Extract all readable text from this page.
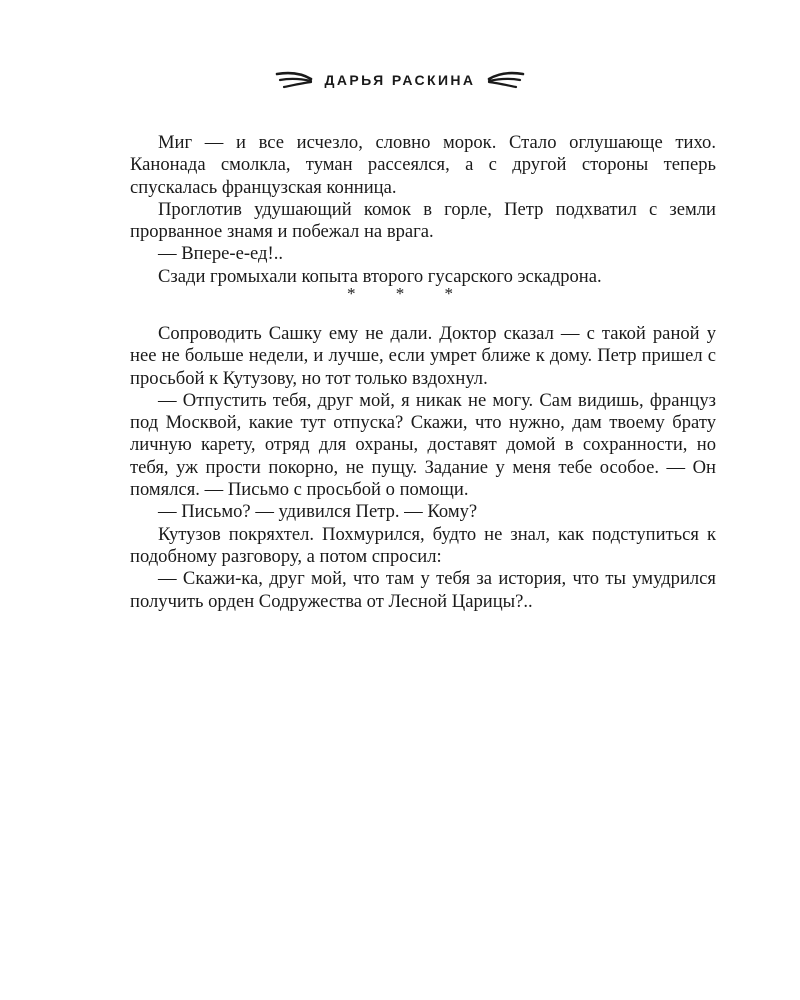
ДАРЬЯ РАСКИНА

Миг — и все исчезло, словно морок. Стало оглушающе тихо. Канонада смолкла, туман рассеялся, а с другой стороны теперь спускалась французская конница.

Проглотив удушающий комок в горле, Петр подхватил с земли прорванное знамя и побежал на врага.

— Впере-е-ед!..

Сзади громыхали копыта второго гусарского эскадрона.

* * *

Сопроводить Сашку ему не дали. Доктор сказал — с такой раной у нее не больше недели, и лучше, если умрет ближе к дому. Петр пришел с просьбой к Кутузову, но тот только вздохнул.

— Отпустить тебя, друг мой, я никак не могу. Сам видишь, француз под Москвой, какие тут отпуска? Скажи, что нужно, дам твоему брату личную карету, отряд для охраны, доставят домой в сохранности, но тебя, уж прости покорно, не пущу. Задание у меня тебе особое. — Он помялся. — Письмо с просьбой о помощи.

— Письмо? — удивился Петр. — Кому?

Кутузов покряхтел. Похмурился, будто не знал, как подступиться к подобному разговору, а потом спросил:

— Скажи-ка, друг мой, что там у тебя за история, что ты умудрился получить орден Содружества от Лесной Царицы?..
